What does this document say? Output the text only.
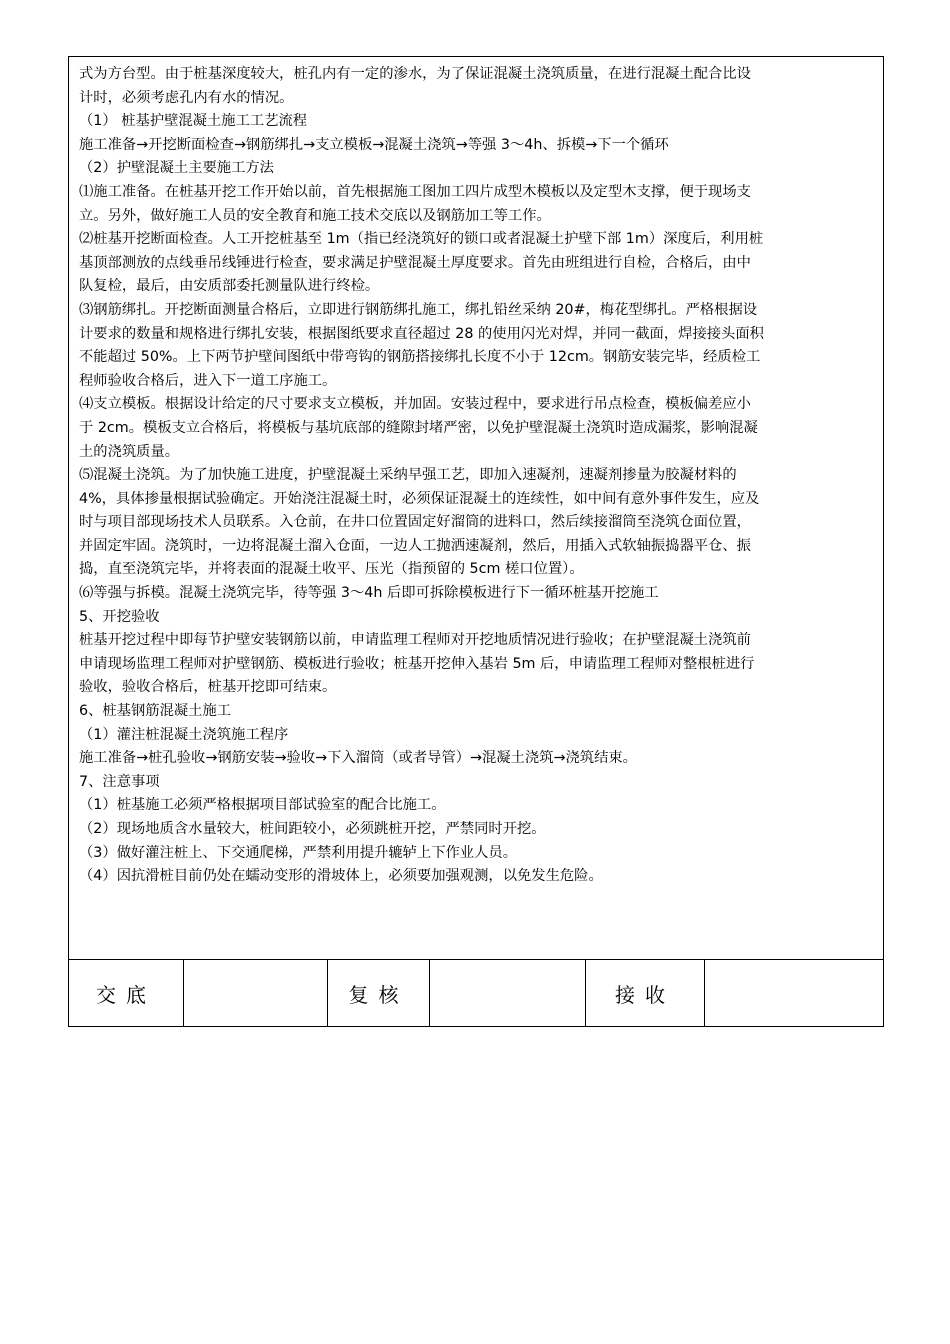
式为方台型。由于桩基深度较大，桩孔内有一定的渗水，为了保证混凝土浇筑质量，在进行混凝土配合比设
计时，必须考虑孔内有水的情况。
（1） 桩基护壁混凝土施工工艺流程
施工准备→开挖断面检查→钢筋绑扎→支立模板→混凝土浇筑→等强 3～4h、拆模→下一个循环
（2）护壁混凝土主要施工方法
⑴施工准备。在桩基开挖工作开始以前，首先根据施工图加工四片成型木模板以及定型木支撑，便于现场支
立。另外，做好施工人员的安全教育和施工技术交底以及钢筋加工等工作。
⑵桩基开挖断面检查。人工开挖桩基至 1m（指已经浇筑好的锁口或者混凝土护壁下部 1m）深度后，利用桩
基顶部测放的点线垂吊线锤进行检查，要求满足护壁混凝土厚度要求。首先由班组进行自检，合格后，由中
队复检，最后，由安质部委托测量队进行终检。
⑶钢筋绑扎。开挖断面测量合格后，立即进行钢筋绑扎施工，绑扎铅丝采纳 20#，梅花型绑扎。严格根据设
计要求的数量和规格进行绑扎安装，根据图纸要求直径超过 28 的使用闪光对焊，并同一截面，焊接接头面积
不能超过 50%。上下两节护壁间图纸中带弯钩的钢筋搭接绑扎长度不小于 12cm。钢筋安装完毕，经质检工
程师验收合格后，进入下一道工序施工。
⑷支立模板。根据设计给定的尺寸要求支立模板，并加固。安装过程中，要求进行吊点检查，模板偏差应小
于 2cm。模板支立合格后，将模板与基坑底部的缝隙封堵严密，以免护壁混凝土浇筑时造成漏浆，影响混凝
土的浇筑质量。
⑸混凝土浇筑。为了加快施工进度，护壁混凝土采纳早强工艺，即加入速凝剂，速凝剂掺量为胶凝材料的
4%，具体掺量根据试验确定。开始浇注混凝土时，必须保证混凝土的连续性，如中间有意外事件发生，应及
时与项目部现场技术人员联系。入仓前，在井口位置固定好溜筒的进料口，然后续接溜筒至浇筑仓面位置，
并固定牢固。浇筑时，一边将混凝土溜入仓面，一边人工抛洒速凝剂，然后，用插入式软轴振捣器平仓、振
捣，直至浇筑完毕，并将表面的混凝土收平、压光（指预留的 5cm 槎口位置）。
⑹等强与拆模。混凝土浇筑完毕，待等强 3～4h 后即可拆除模板进行下一循环桩基开挖施工
5、开挖验收
桩基开挖过程中即每节护壁安装钢筋以前，申请监理工程师对开挖地质情况进行验收；在护壁混凝土浇筑前
申请现场监理工程师对护壁钢筋、模板进行验收；桩基开挖伸入基岩 5m 后，申请监理工程师对整根桩进行
验收，验收合格后，桩基开挖即可结束。
6、桩基钢筋混凝土施工
（1）灌注桩混凝土浇筑施工程序
施工准备→桩孔验收→钢筋安装→验收→下入溜筒（或者导管）→混凝土浇筑→浇筑结束。
7、注意事项
（1）桩基施工必须严格根据项目部试验室的配合比施工。
（2）现场地质含水量较大，桩间距较小，必须跳桩开挖，严禁同时开挖。
（3）做好灌注桩上、下交通爬梯，严禁利用提升辘轳上下作业人员。
（4）因抗滑桩目前仍处在蠕动变形的滑坡体上，必须要加强观测，以免发生危险。
交底	复核	接收
